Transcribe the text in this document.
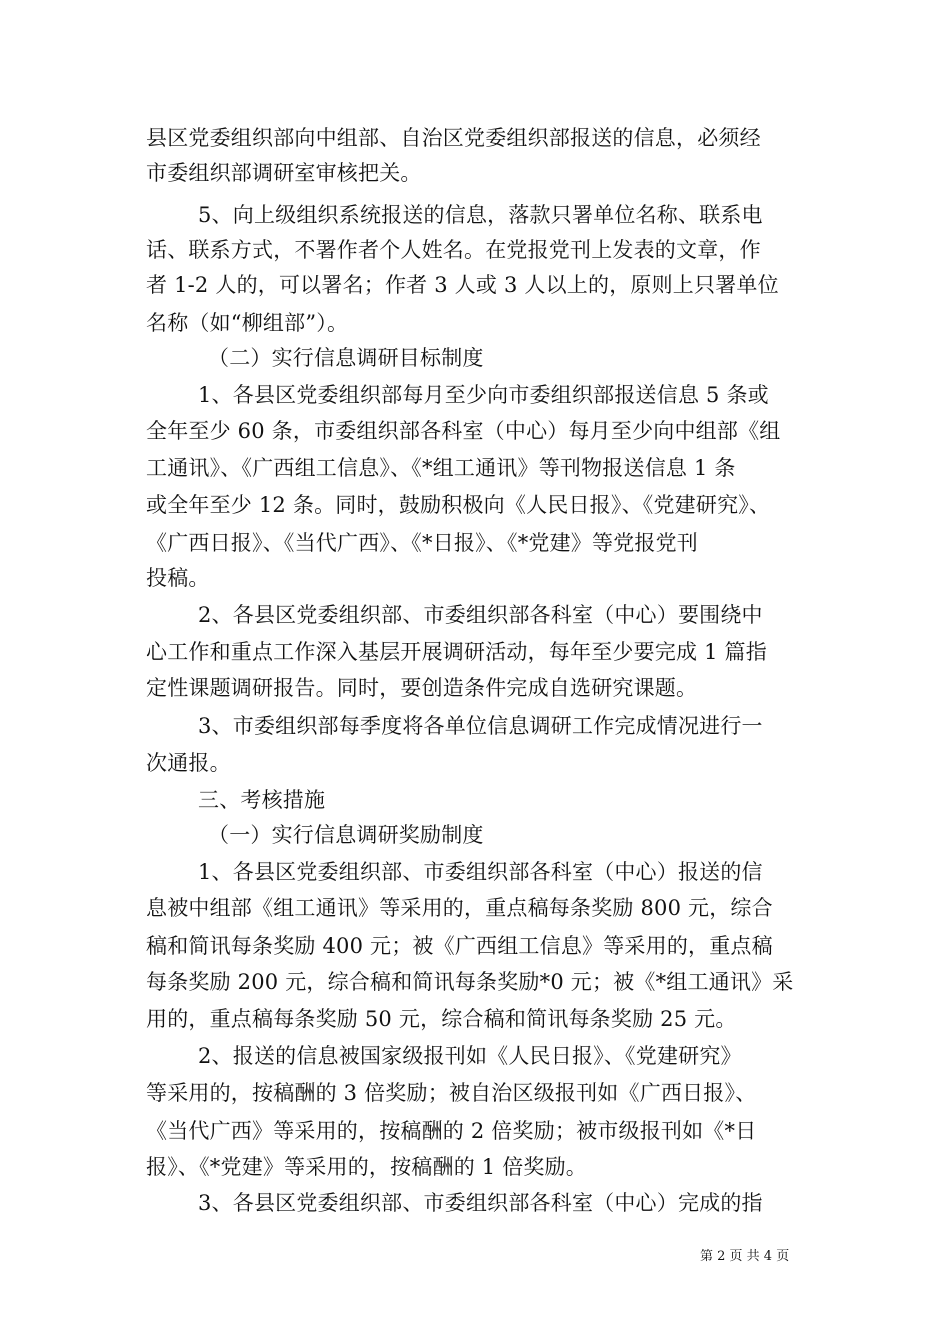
县区党委组织部向中组部、自治区党委组织部报送的信息，必须经
市委组织部调研室审核把关。
5、向上级组织系统报送的信息，落款只署单位名称、联系电
话、联系方式，不署作者个人姓名。在党报党刊上发表的文章，作
者 1-2 人的，可以署名；作者 3 人或 3 人以上的，原则上只署单位
名称（如“柳组部”）。
（二）实行信息调研目标制度
1、各县区党委组织部每月至少向市委组织部报送信息 5 条或
全年至少 60 条，市委组织部各科室（中心）每月至少向中组部《组
工通讯》、《广西组工信息》、《*组工通讯》等刊物报送信息 1 条
或全年至少 12 条。同时，鼓励积极向《人民日报》、《党建研究》、
《广西日报》、《当代广西》、《*日报》、《*党建》等党报党刊
投稿。
2、各县区党委组织部、市委组织部各科室（中心）要围绕中
心工作和重点工作深入基层开展调研活动，每年至少要完成 1 篇指
定性课题调研报告。同时，要创造条件完成自选研究课题。
3、市委组织部每季度将各单位信息调研工作完成情况进行一
次通报。
三、考核措施
（一）实行信息调研奖励制度
1、各县区党委组织部、市委组织部各科室（中心）报送的信
息被中组部《组工通讯》等采用的，重点稿每条奖励 800 元，综合
稿和简讯每条奖励 400 元；被《广西组工信息》等采用的，重点稿
每条奖励 200 元，综合稿和简讯每条奖励*0 元；被《*组工通讯》采
用的，重点稿每条奖励 50 元，综合稿和简讯每条奖励 25 元。
2、报送的信息被国家级报刊如《人民日报》、《党建研究》
等采用的，按稿酬的 3 倍奖励；被自治区级报刊如《广西日报》、
《当代广西》等采用的，按稿酬的 2 倍奖励；被市级报刊如《*日
报》、《*党建》等采用的，按稿酬的 1 倍奖励。
3、各县区党委组织部、市委组织部各科室（中心）完成的指
第 2 页 共 4 页
